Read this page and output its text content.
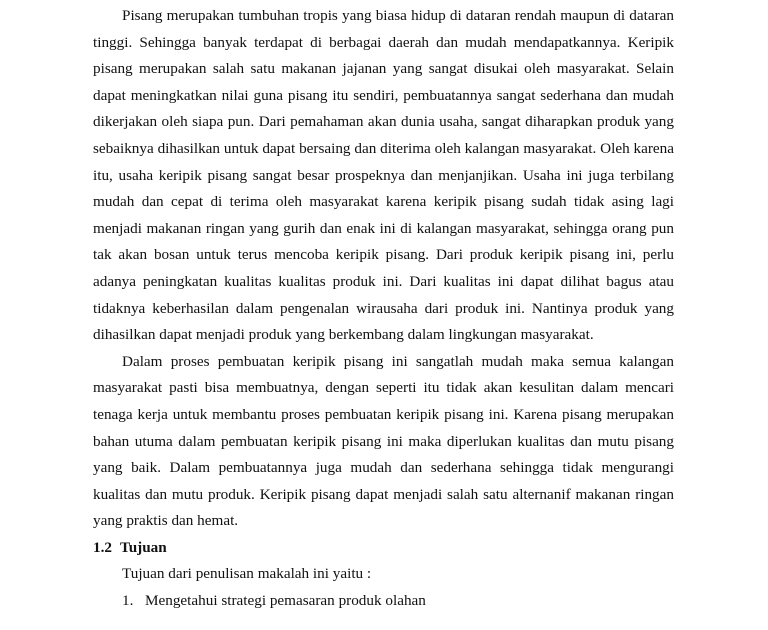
Pisang merupakan tumbuhan tropis yang biasa hidup di dataran rendah maupun di dataran tinggi. Sehingga banyak terdapat di berbagai daerah dan mudah mendapatkannya. Keripik pisang merupakan salah satu makanan jajanan yang sangat disukai oleh masyarakat. Selain dapat meningkatkan nilai guna pisang itu sendiri, pembuatannya sangat sederhana dan mudah dikerjakan oleh siapa pun. Dari pemahaman akan dunia usaha, sangat diharapkan produk yang sebaiknya dihasilkan untuk dapat bersaing dan diterima oleh kalangan masyarakat. Oleh karena itu, usaha keripik pisang sangat besar prospeknya dan menjanjikan. Usaha ini juga terbilang mudah dan cepat di terima oleh masyarakat karena keripik pisang sudah tidak asing lagi menjadi makanan ringan yang gurih dan enak ini di kalangan masyarakat, sehingga orang pun tak akan bosan untuk terus mencoba keripik pisang. Dari produk keripik pisang ini, perlu adanya peningkatan kualitas kualitas produk ini. Dari kualitas ini dapat dilihat bagus atau tidaknya keberhasilan dalam pengenalan wirausaha dari produk ini. Nantinya produk yang dihasilkan dapat menjadi produk yang berkembang dalam lingkungan masyarakat.

Dalam proses pembuatan keripik pisang ini sangatlah mudah maka semua kalangan masyarakat pasti bisa membuatnya, dengan seperti itu tidak akan kesulitan dalam mencari tenaga kerja untuk membantu proses pembuatan keripik pisang ini. Karena pisang merupakan bahan utuma dalam pembuatan keripik pisang ini maka diperlukan kualitas dan mutu pisang yang baik. Dalam pembuatannya juga mudah dan sederhana sehingga tidak mengurangi kualitas dan mutu produk. Keripik pisang dapat menjadi salah satu alternanif makanan ringan yang praktis dan hemat.

1.2 Tujuan

Tujuan dari penulisan makalah ini yaitu :

1. Mengetahui strategi pemasaran produk olahan
